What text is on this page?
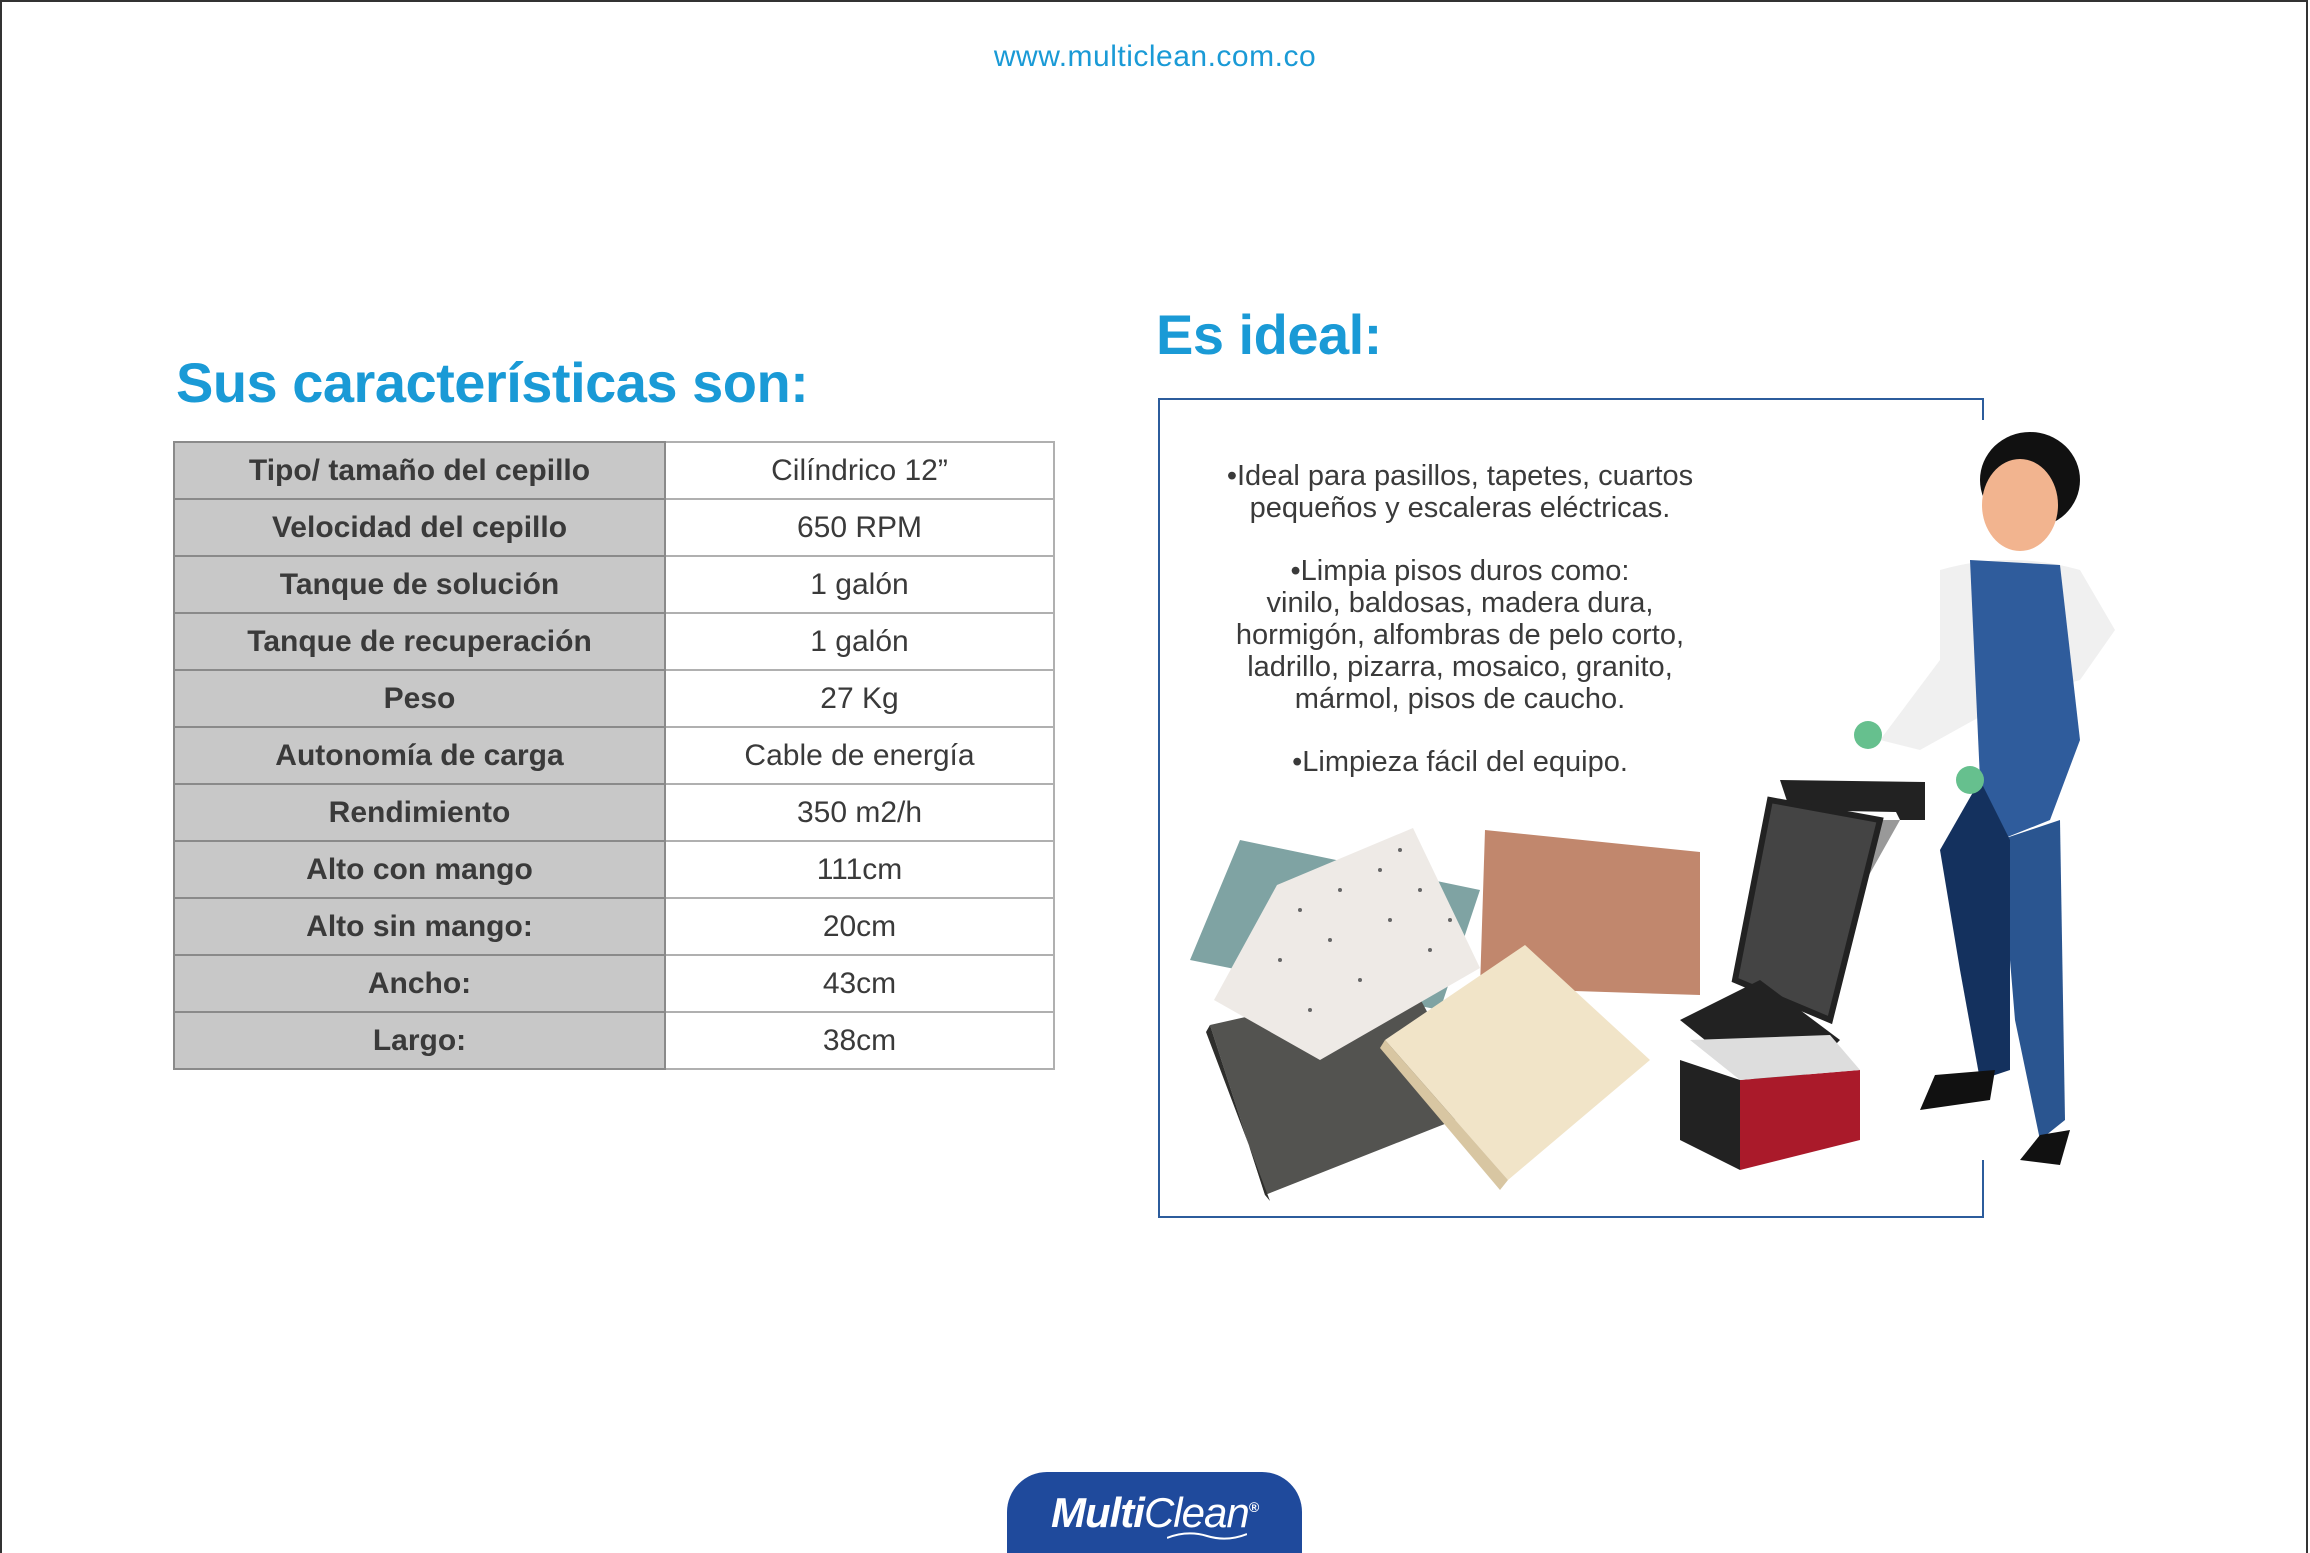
www.multiclean.com.co
Sus características son:
Tipo/ tamaño del cepillo	Cilíndrico 12”
Velocidad del cepillo	650 RPM
Tanque de solución	1 galón
Tanque de recuperación	1 galón
Peso	27 Kg
Autonomía de carga	Cable de energía
Rendimiento	350 m2/h
Alto con mango	111cm
Alto sin mango:	20cm
Ancho:	43cm
Largo:	38cm
Es ideal:

•Ideal para pasillos, tapetes, cuartos
pequeños y escaleras eléctricas.

•Limpia pisos duros como:
vinilo, baldosas, madera dura,
hormigón, alfombras de pelo corto,
ladrillo, pizarra, mosaico, granito,
mármol, pisos de caucho.

•Limpieza fácil del equipo.

MultiClean®
